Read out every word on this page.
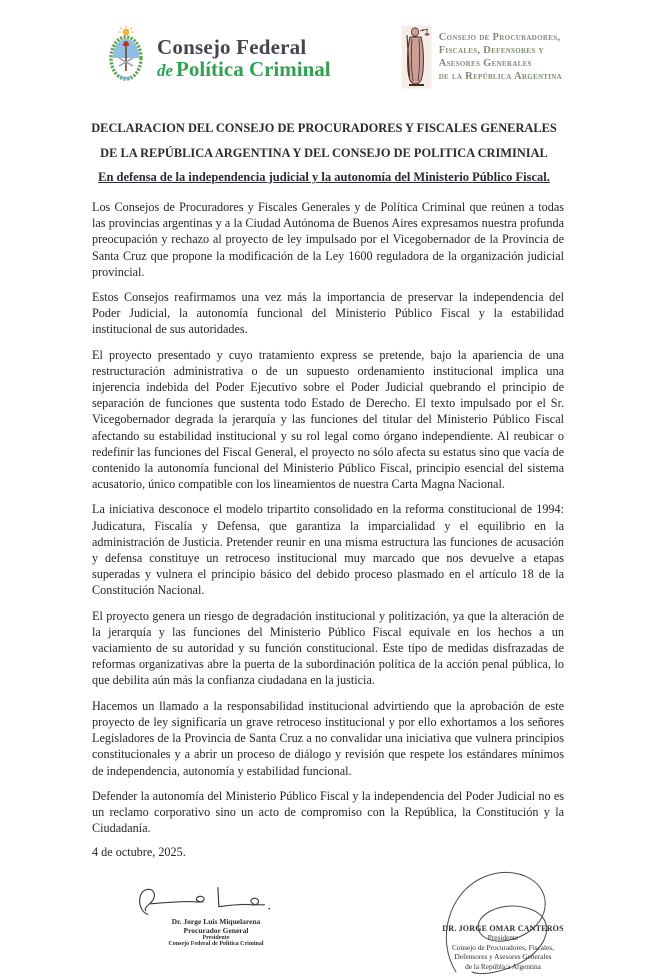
Consejo Federal
de Política Criminal
Consejo de Procuradores,
Fiscales, Defensores y
Asesores Generales
de la República Argentina
DECLARACION DEL CONSEJO DE PROCURADORES Y FISCALES GENERALES
DE LA REPÚBLICA ARGENTINA Y DEL CONSEJO DE POLITICA CRIMINIAL
En defensa de la independencia judicial y la autonomía del Ministerio Público Fiscal.

Los Consejos de Procuradores y Fiscales Generales y de Política Criminal que reúnen a todas las provincias argentinas y a la Ciudad Autónoma de Buenos Aires expresamos nuestra profunda preocupación y rechazo al proyecto de ley impulsado por el Vicegobernador de la Provincia de Santa Cruz que propone la modificación de la Ley 1600 reguladora de la organización judicial provincial.

Estos Consejos reafirmamos una vez más la importancia de preservar la independencia del Poder Judicial, la autonomía funcional del Ministerio Público Fiscal y la estabilidad institucional de sus autoridades.

El proyecto presentado y cuyo tratamiento express se pretende, bajo la apariencia de una restructuración administrativa o de un supuesto ordenamiento institucional implica una injerencia indebida del Poder Ejecutivo sobre el Poder Judicial quebrando el principio de separación de funciones que sustenta todo Estado de Derecho. El texto impulsado por el Sr. Vicegobernador degrada la jerarquía y las funciones del titular del Ministerio Público Fiscal afectando su estabilidad institucional y su rol legal como órgano independiente. Al reubicar o redefinir las funciones del Fiscal General, el proyecto no sólo afecta su estatus sino que vacía de contenido la autonomía funcional del Ministerio Público Fiscal, principio esencial del sistema acusatorio, único compatible con los lineamientos de nuestra Carta Magna Nacional.

La iniciativa desconoce el modelo tripartito consolidado en la reforma constitucional de 1994: Judicatura, Fiscalía y Defensa, que garantiza la imparcialidad y el equilibrio en la administración de Justicia. Pretender reunir en una misma estructura las funciones de acusación y defensa constituye un retroceso institucional muy marcado que nos devuelve a etapas superadas y vulnera el principio básico del debido proceso plasmado en el artículo 18 de la Constitución Nacional.

El proyecto genera un riesgo de degradación institucional y politización, ya que la alteración de la jerarquía y las funciones del Ministerio Público Fiscal equivale en los hechos a un vaciamiento de su autoridad y su función constitucional. Este tipo de medidas disfrazadas de reformas organizativas abre la puerta de la subordinación política de la acción penal pública, lo que debilita aún más la confianza ciudadana en la justicia.

Hacemos un llamado a la responsabilidad institucional advirtiendo que la aprobación de este proyecto de ley significaría un grave retroceso institucional y por ello exhortamos a los señores Legisladores de la Provincia de Santa Cruz a no convalidar una iniciativa que vulnera principios constitucionales y a abrir un proceso de diálogo y revisión que respete los estándares mínimos de independencia, autonomía y estabilidad funcional.

Defender la autonomía del Ministerio Público Fiscal y la independencia del Poder Judicial no es un reclamo corporativo sino un acto de compromiso con la República, la Constitución y la Ciudadanía.

4 de octubre, 2025.
Dr. Jorge Luis Miquelarena
Procurador General
Presidente
Consejo Federal de Política Criminal
DR. JORGE OMAR CANTEROS
Presidente
Consejo de Procuradores, Fiscales,
Defensores y Asesores Generales
de la República Argentina
